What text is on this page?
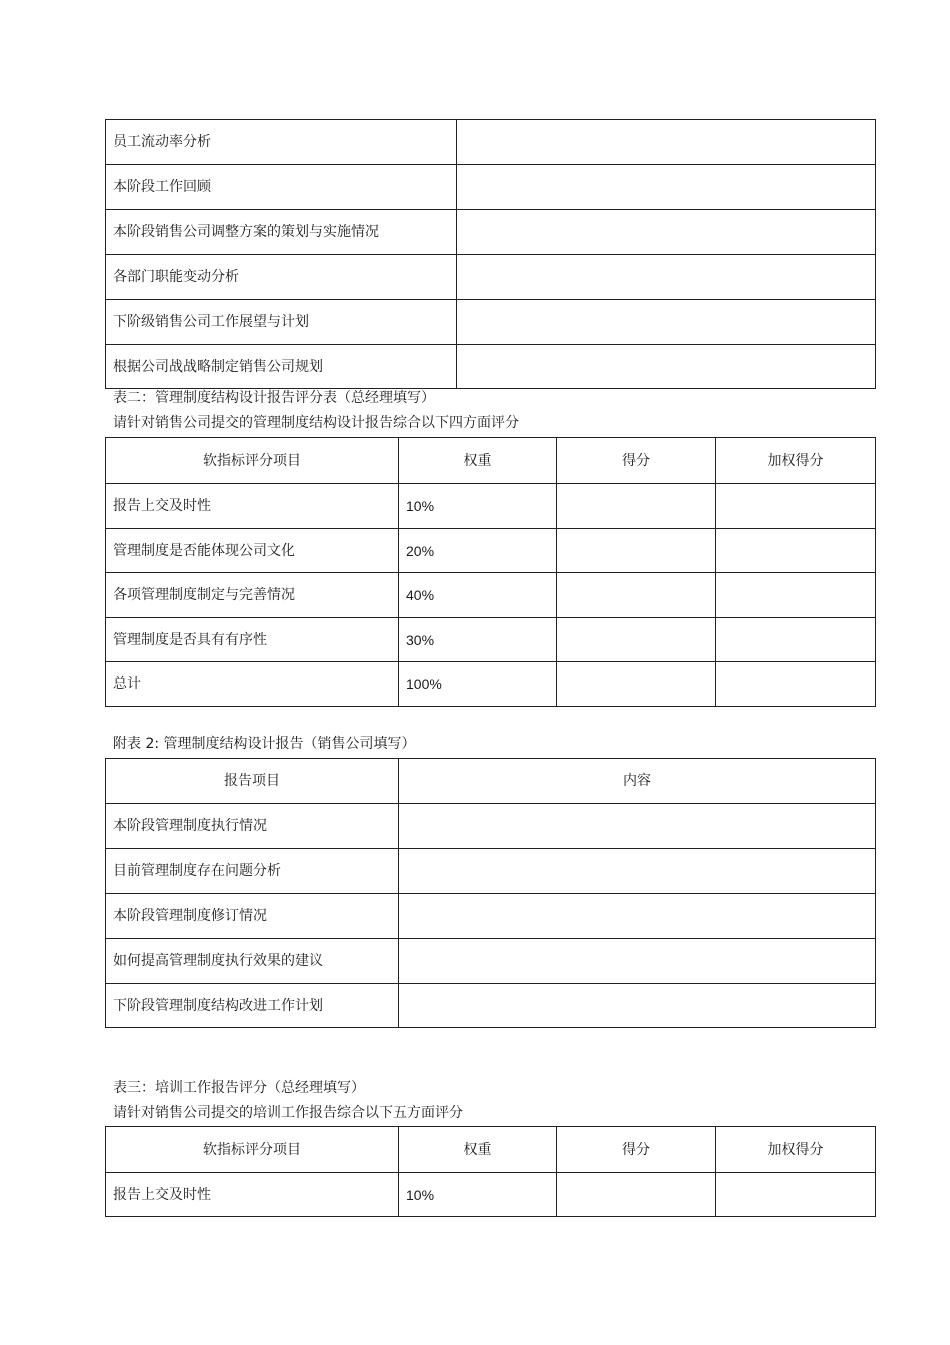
员工流动率分析	
本阶段工作回顾	
本阶段销售公司调整方案的策划与实施情况	
各部门职能变动分析	
下阶级销售公司工作展望与计划	
根据公司战战略制定销售公司规划	
表二：管理制度结构设计报告评分表（总经理填写）
请针对销售公司提交的管理制度结构设计报告综合以下四方面评分
软指标评分项目	权重	得分	加权得分
报告上交及时性	10%		
管理制度是否能体现公司文化	20%		
各项管理制度制定与完善情况	40%		
管理制度是否具有有序性	30%		
总计	100%		
附表 2: 管理制度结构设计报告（销售公司填写）
报告项目	内容
本阶段管理制度执行情况	
目前管理制度存在问题分析	
本阶段管理制度修订情况	
如何提高管理制度执行效果的建议	
下阶段管理制度结构改进工作计划	
表三：培训工作报告评分（总经理填写）
请针对销售公司提交的培训工作报告综合以下五方面评分
软指标评分项目	权重	得分	加权得分
报告上交及时性	10%		
